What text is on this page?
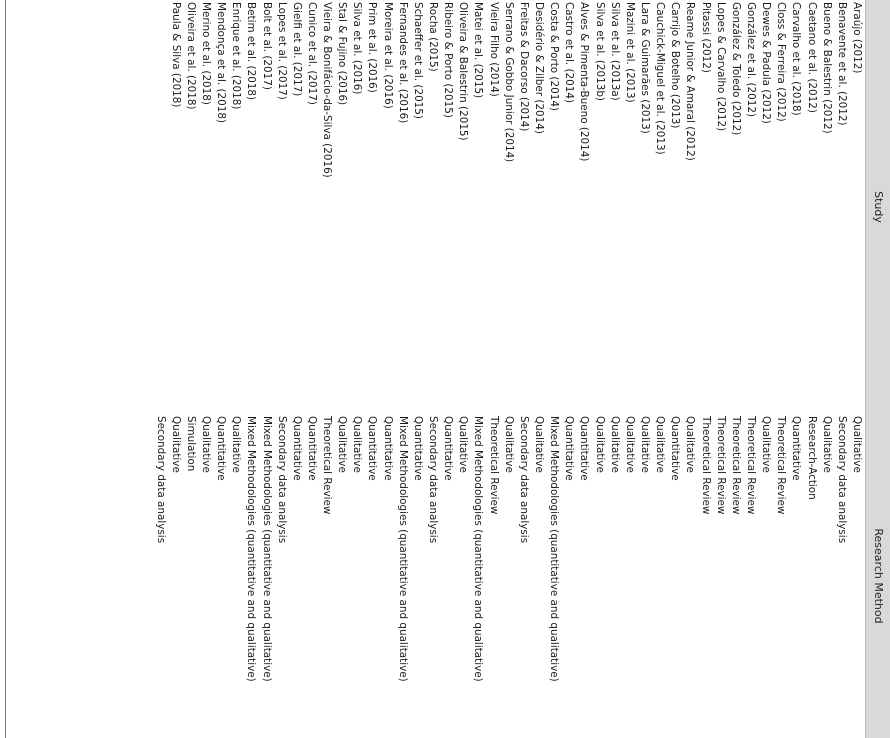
Study
Research Method
Araújo (2012)
Qualitative
Benavente et al. (2012)
Secondary data analysis
Bueno & Balestrin (2012)
Qualitative
Caetano et al. (2012)
Research-Action
Carvalho et al. (2018)
Quantitative
Closs & Ferreira (2012)
Theoretical Review
Dewes & Padula (2012)
Qualitative
González et al. (2012)
Theoretical Review
González & Toledo (2012)
Theoretical Review
Lopes & Carvalho (2012)
Theoretical Review
Pitassi (2012)
Theoretical Review
Reame Junior & Amaral (2012)
Qualitative
Carrijo & Botelho (2013)
Quantitative
Cauchick-Miguel et al. (2013)
Qualitative
Lara & Guimarães (2013)
Qualitative
Mazini et al. (2013)
Qualitative
Silva et al. (2013a)
Qualitative
Silva et al. (2013b)
Qualitative
Alves & Pimenta-Bueno (2014)
Quantitative
Castro et al. (2014)
Quantitative
Costa & Porto (2014)
Mixed Methodologies (quantitative and qualitative)
Desidério & Zilber (2014)
Qualitative
Freitas & Dacorso (2014)
Secondary data analysis
Serrano & Gobbo Junior (2014)
Qualitative
Vieira Filho (2014)
Theoretical Review
Matei et al. (2015)
Mixed Methodologies (quantitative and qualitative)
Oliveira & Balestrin (2015)
Qualitative
Ribeiro & Porto (2015)
Quantitative
Rocha (2015)
Secondary data analysis
Schaeffer et al. (2015)
Quantitative
Fernandes et al. (2016)
Mixed Methodologies (quantitative and qualitative)
Moreira et al. (2016)
Quantitative
Prim et al. (2016)
Quantitative
Silva et al. (2016)
Qualitative
Stal & Fujino (2016)
Qualitative
Vieira & Bonifácio-da-Silva (2016)
Theoretical Review
Cunico et al. (2017)
Quantitative
Gielfi et al. (2017)
Quantitative
Lopes et al. (2017)
Secondary data analysis
Bolt et al. (2017)
Mixed Methodologies (quantitative and qualitative)
Betim et al. (2018)
Mixed Methodologies (quantitative and qualitative)
Enrique et al. (2018)
Qualitative
Mendonça et al. (2018)
Quantitative
Merino et al. (2018)
Qualitative
Oliveira et al. (2018)
Simulation
Paula & Silva (2018)
Qualitative
Secondary data analysis
